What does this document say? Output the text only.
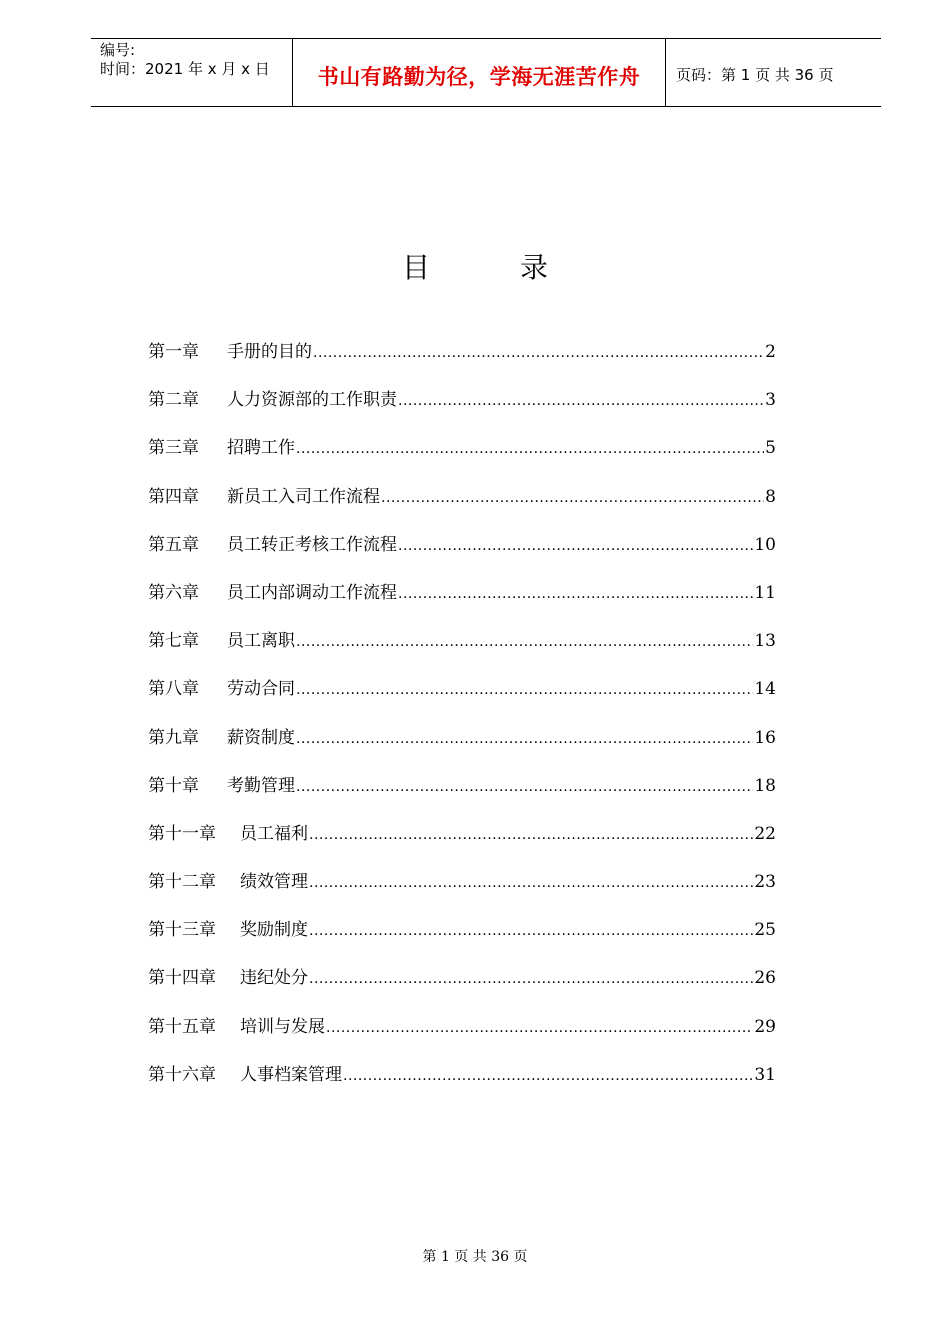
编号:
时间：2021 年 x 月 x 日	书山有路勤为径，学海无涯苦作舟	页码：第 1 页 共 36 页
目	录
第一章 手册的目的 .....	2
第二章 人力资源部的工作职责 .....	3
第三章 招聘工作 .....	5
第四章 新员工入司工作流程 .....	8
第五章 员工转正考核工作流程 .....	10
第六章 员工内部调动工作流程 .....	11
第七章 员工离职 .....	13
第八章 劳动合同 .....	14
第九章 薪资制度 .....	16
第十章 考勤管理 .....	18
第十一章 员工福利 .....	22
第十二章 绩效管理 .....	23
第十三章 奖励制度 .....	25
第十四章 违纪处分 .....	26
第十五章 培训与发展 .....	29
第十六章 人事档案管理 .....	31
第 1 页 共 36 页
